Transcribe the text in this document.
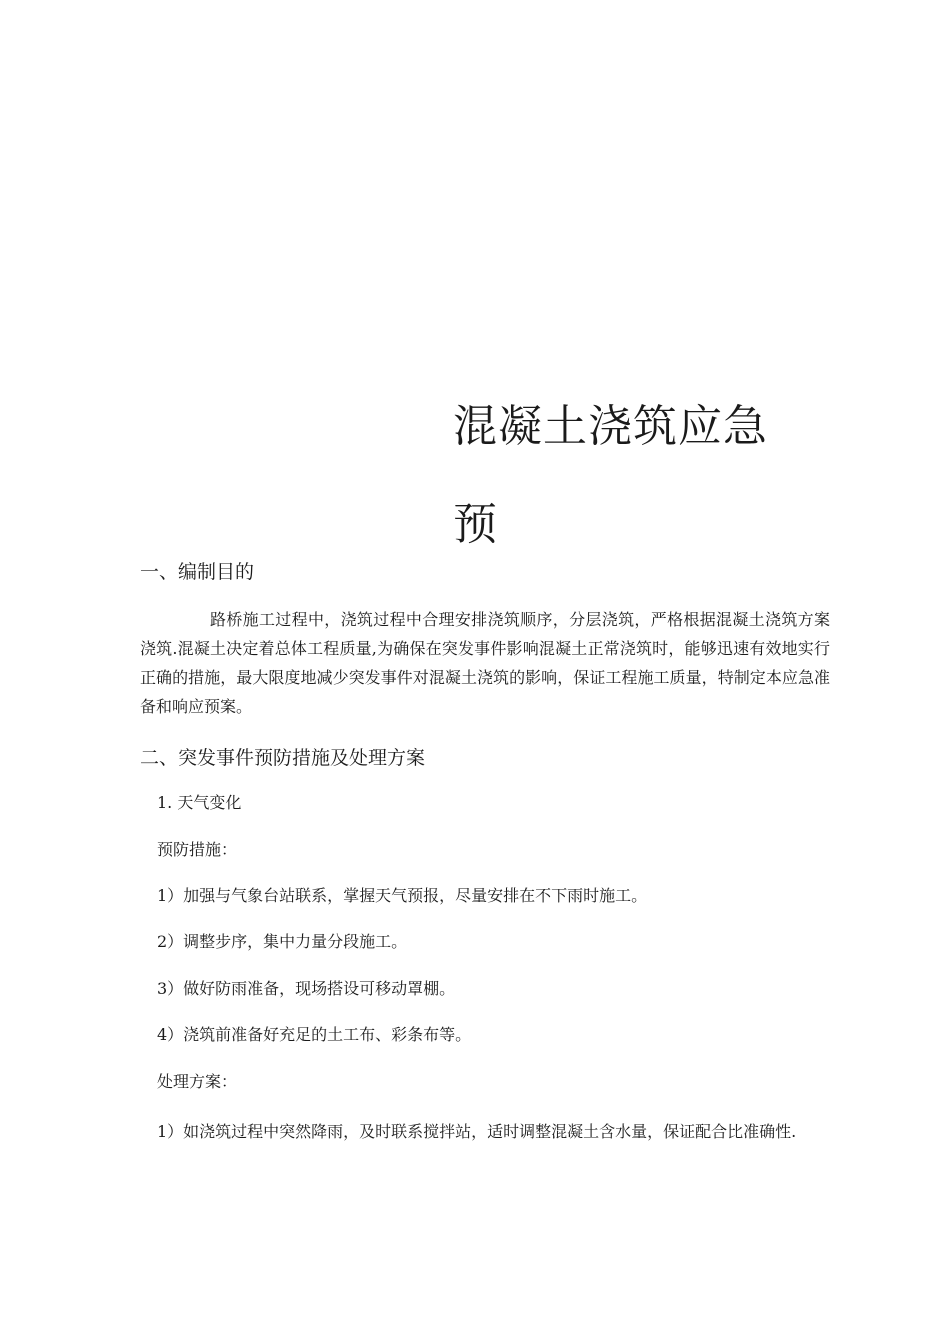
混凝土浇筑应急
预
一、编制目的
路桥施工过程中，浇筑过程中合理安排浇筑顺序，分层浇筑，严格根据混凝土浇筑方案浇筑.混凝土决定着总体工程质量,为确保在突发事件影响混凝土正常浇筑时，能够迅速有效地实行正确的措施，最大限度地减少突发事件对混凝土浇筑的影响，保证工程施工质量，特制定本应急准备和响应预案。
二、突发事件预防措施及处理方案
1. 天气变化
预防措施：
1）加强与气象台站联系，掌握天气预报，尽量安排在不下雨时施工。
2）调整步序，集中力量分段施工。
3）做好防雨准备，现场搭设可移动罩棚。
4）浇筑前准备好充足的土工布、彩条布等。
处理方案：
1）如浇筑过程中突然降雨，及时联系搅拌站，适时调整混凝土含水量，保证配合比准确性.
